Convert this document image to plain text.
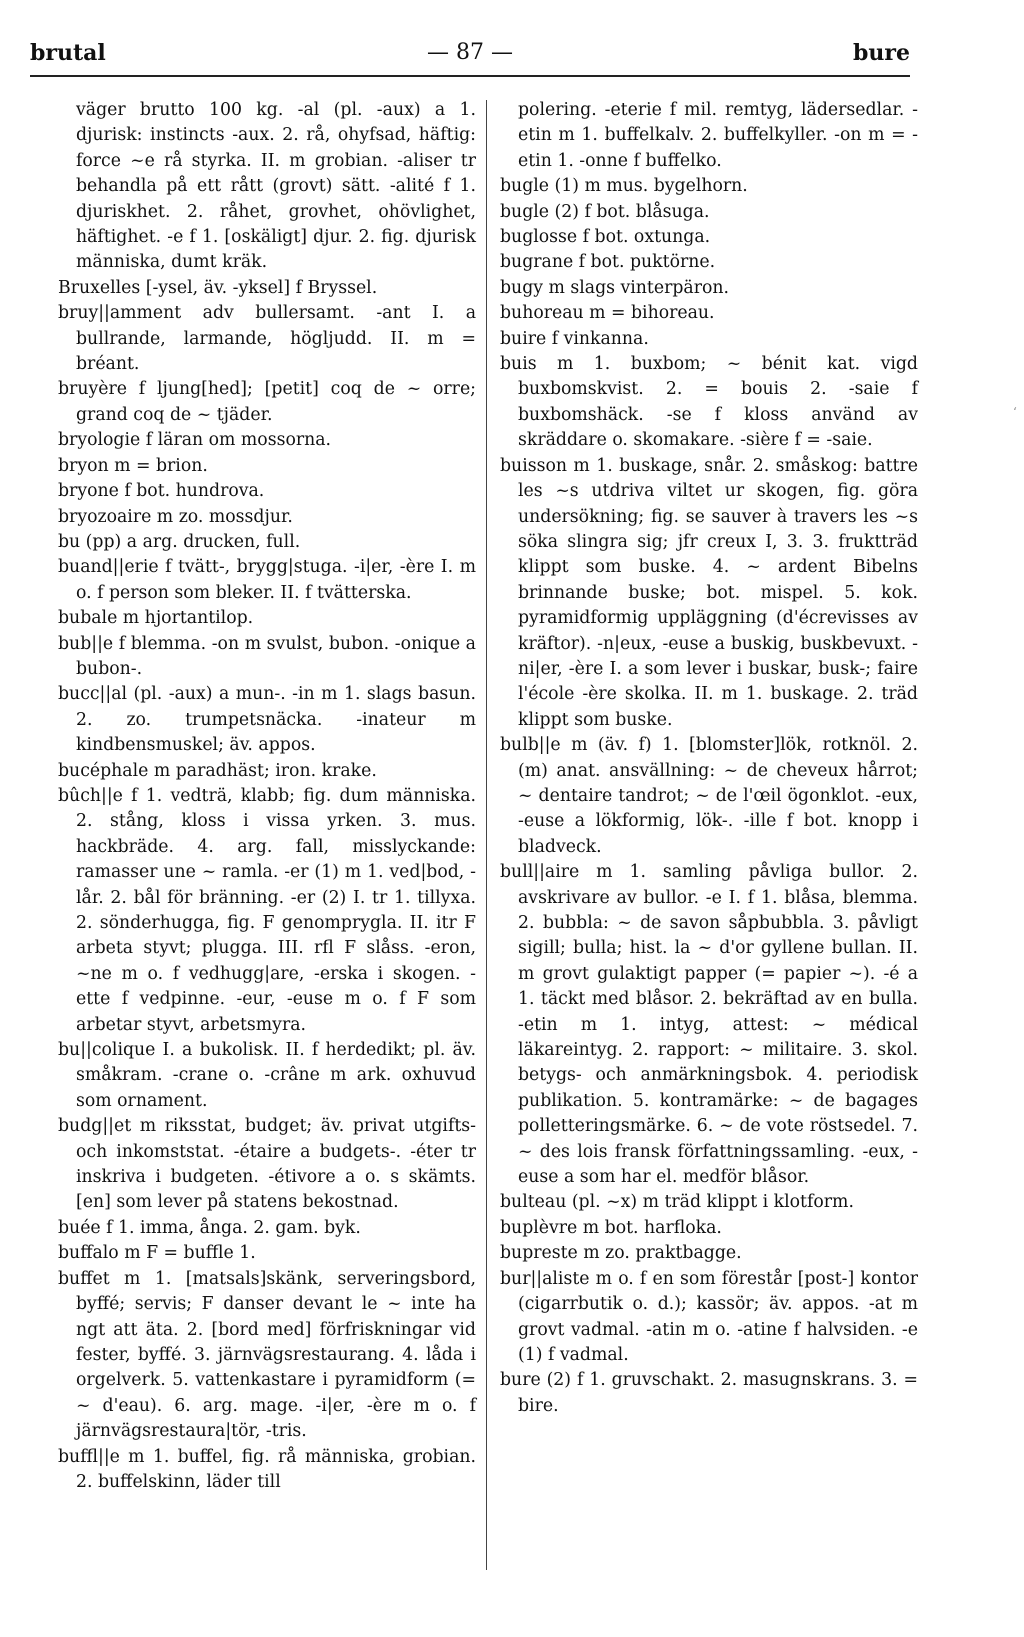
brutal	— 87 —	bure

väger brutto 100 kg. -al (pl. -aux) a 1. djurisk: instincts -aux. 2. rå, ohyfsad, häftig: force ~e rå styrka. II. m grobian. -aliser tr behandla på ett rått (grovt) sätt. -alité f 1. djuriskhet. 2. råhet, grovhet, ohövlighet, häftighet. -e f 1. [oskäligt] djur. 2. fig. djurisk människa, dumt kräk.

Bruxelles [-ysel, äv. -yksel] f Bryssel.

bruy||amment adv bullersamt. -ant I. a bullrande, larmande, högljudd. II. m = bréant.

bruyère f ljung[hed]; [petit] coq de ~ orre; grand coq de ~ tjäder.

bryologie f läran om mossorna.

bryon m = brion.

bryone f bot. hundrova.

bryozoaire m zo. mossdjur.

bu (pp) a arg. drucken, full.

buand||erie f tvätt-, brygg|stuga. -i|er, -ère I. m o. f person som bleker. II. f tvätterska.

bubale m hjortantilop.

bub||e f blemma. -on m svulst, bubon. -onique a bubon-.

bucc||al (pl. -aux) a mun-. -in m 1. slags basun. 2. zo. trumpetsnäcka. -inateur m kindbensmuskel; äv. appos.

bucéphale m paradhäst; iron. krake.

bûch||e f 1. vedträ, klabb; fig. dum människa. 2. stång, kloss i vissa yrken. 3. mus. hackbräde. 4. arg. fall, misslyckande: ramasser une ~ ramla. -er (1) m 1. ved|bod, -lår. 2. bål för bränning. -er (2) I. tr 1. tillyxa. 2. sönderhugga, fig. F genomprygla. II. itr F arbeta styvt; plugga. III. rfl F slåss. -eron, ~ne m o. f vedhugg|are, -erska i skogen. -ette f vedpinne. -eur, -euse m o. f F som arbetar styvt, arbetsmyra.

bu||colique I. a bukolisk. II. f herdedikt; pl. äv. småkram. -crane o. -crâne m ark. oxhuvud som ornament.

budg||et m riksstat, budget; äv. privat utgifts- och inkomststat. -étaire a budgets-. -éter tr inskriva i budgeten. -étivore a o. s skämts. [en] som lever på statens bekostnad.

buée f 1. imma, ånga. 2. gam. byk.

buffalo m F = buffle 1.

buffet m 1. [matsals]skänk, serveringsbord, byffé; servis; F danser devant le ~ inte ha ngt att äta. 2. [bord med] förfriskningar vid fester, byffé. 3. järnvägsrestaurang. 4. låda i orgelverk. 5. vattenkastare i pyramidform (= ~ d'eau). 6. arg. mage. -i|er, -ère m o. f järnvägsrestaura|tör, -tris.

buffl||e m 1. buffel, fig. rå människa, grobian. 2. buffelskinn, läder till

polering. -eterie f mil. remtyg, lädersedlar. -etin m 1. buffelkalv. 2. buffelkyller. -on m = -etin 1. -onne f buffelko.

bugle (1) m mus. bygelhorn.

bugle (2) f bot. blåsuga.

buglosse f bot. oxtunga.

bugrane f bot. puktörne.

bugy m slags vinterpäron.

buhoreau m = bihoreau.

buire f vinkanna.

buis m 1. buxbom; ~ bénit kat. vigd buxbomskvist. 2. = bouis 2. -saie f buxbomshäck. -se f kloss använd av skräddare o. skomakare. -sière f = -saie.

buisson m 1. buskage, snår. 2. småskog: battre les ~s utdriva viltet ur skogen, fig. göra undersökning; fig. se sauver à travers les ~s söka slingra sig; jfr creux I, 3. 3. fruktträd klippt som buske. 4. ~ ardent Bibelns brinnande buske; bot. mispel. 5. kok. pyramidformig uppläggning (d'écrevisses av kräftor). -n|eux, -euse a buskig, buskbevuxt. -ni|er, -ère I. a som lever i buskar, busk-; faire l'école -ère skolka. II. m 1. buskage. 2. träd klippt som buske.

bulb||e m (äv. f) 1. [blomster]lök, rotknöl. 2. (m) anat. ansvällning: ~ de cheveux hårrot; ~ dentaire tandrot; ~ de l'œil ögonklot. -eux, -euse a lökformig, lök-. -ille f bot. knopp i bladveck.

bull||aire m 1. samling påvliga bullor. 2. avskrivare av bullor. -e I. f 1. blåsa, blemma. 2. bubbla: ~ de savon såpbubbla. 3. påvligt sigill; bulla; hist. la ~ d'or gyllene bullan. II. m grovt gulaktigt papper (= papier ~). -é a 1. täckt med blåsor. 2. bekräftad av en bulla. -etin m 1. intyg, attest: ~ médical läkareintyg. 2. rapport: ~ militaire. 3. skol. betygs- och anmärkningsbok. 4. periodisk publikation. 5. kontramärke: ~ de bagages polletteringsmärke. 6. ~ de vote röstsedel. 7. ~ des lois fransk författningssamling. -eux, -euse a som har el. medför blåsor.

bulteau (pl. ~x) m träd klippt i klotform.

buplèvre m bot. harfloka.

bupreste m zo. praktbagge.

bur||aliste m o. f en som förestår [post-] kontor (cigarrbutik o. d.); kassör; äv. appos. -at m grovt vadmal. -atin m o. -atine f halvsiden. -e (1) f vadmal.

bure (2) f 1. gruvschakt. 2. masugnskrans. 3. = bire.

‘
